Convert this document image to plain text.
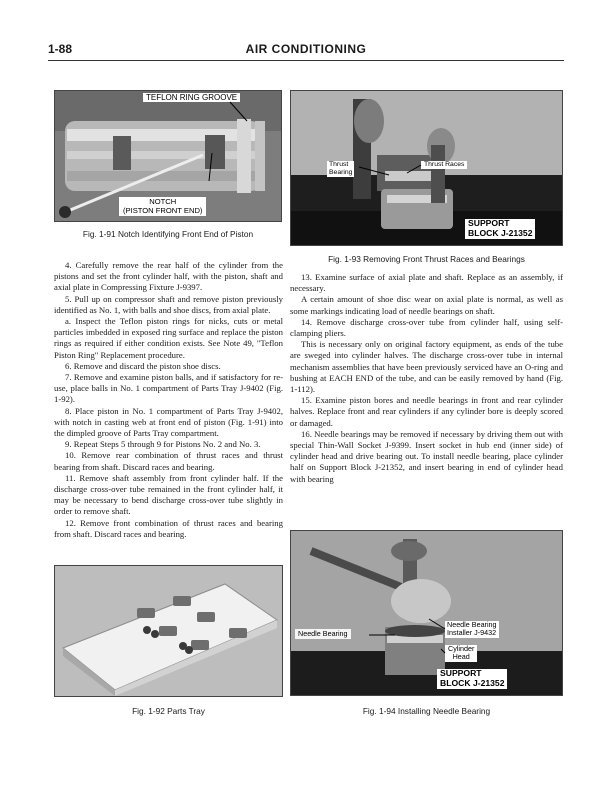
1-88	AIR CONDITIONING
TEFLON RING GROOVE
NOTCH
(PISTON FRONT END)
Fig. 1-91 Notch Identifying Front End of Piston
Thrust
Bearing
Thrust Races
SUPPORT
BLOCK J-21352
Fig. 1-93 Removing Front Thrust Races and Bearings

4. Carefully remove the rear half of the cylinder from the pistons and set the front cylinder half, with the piston, shaft and axial plate in Compressing Fixture J-9397.

5. Pull up on compressor shaft and remove piston previously identified as No. 1, with balls and shoe discs, from axial plate.

a. Inspect the Teflon piston rings for nicks, cuts or metal particles imbedded in exposed ring surface and replace the piston rings as required if either condition exists. See Note 49, "Teflon Piston Ring" Replacement procedure.

6. Remove and discard the piston shoe discs.

7. Remove and examine piston balls, and if satisfactory for re-use, place balls in No. 1 compartment of Parts Tray J-9402 (Fig. 1-92).

8. Place piston in No. 1 compartment of Parts Tray J-9402, with notch in casting web at front end of piston (Fig. 1-91) into the dimpled groove of Parts Tray compartment.

9. Repeat Steps 5 through 9 for Pistons No. 2 and No. 3.

10. Remove rear combination of thrust races and thrust bearing from shaft. Discard races and bearing.

11. Remove shaft assembly from front cylinder half. If the discharge cross-over tube remained in the front cylinder half, it may be necessary to bend discharge cross-over tube slightly in order to remove shaft.

12. Remove front combination of thrust races and bearing from shaft. Discard races and bearing.

13. Examine surface of axial plate and shaft. Replace as an assembly, if necessary.

A certain amount of shoe disc wear on axial plate is normal, as well as some markings indicating load of needle bearings on shaft.

14. Remove discharge cross-over tube from cylinder half, using self-clamping pliers.

This is necessary only on original factory equipment, as ends of the tube are sweged into cylinder halves. The discharge cross-over tube in internal mechanism assemblies that have been previously serviced have an O-ring and bushing at EACH END of the tube, and can be easily removed by hand (Fig. 1-112).

15. Examine piston bores and needle bearings in front and rear cylinder halves. Replace front and rear cylinders if any cylinder bore is deeply scored or damaged.

16. Needle bearings may be removed if necessary by driving them out with special Thin-Wall Socket J-9399. Insert socket in hub end (inner side) of cylinder head and drive bearing out. To install needle bearing, place cylinder half on Support Block J-21352, and insert bearing in end of cylinder head with bearing

Fig. 1-92 Parts Tray
Needle Bearing
Needle Bearing
Installer J-9432
Cylinder
Head
SUPPORT
BLOCK J-21352
Fig. 1-94 Installing Needle Bearing
